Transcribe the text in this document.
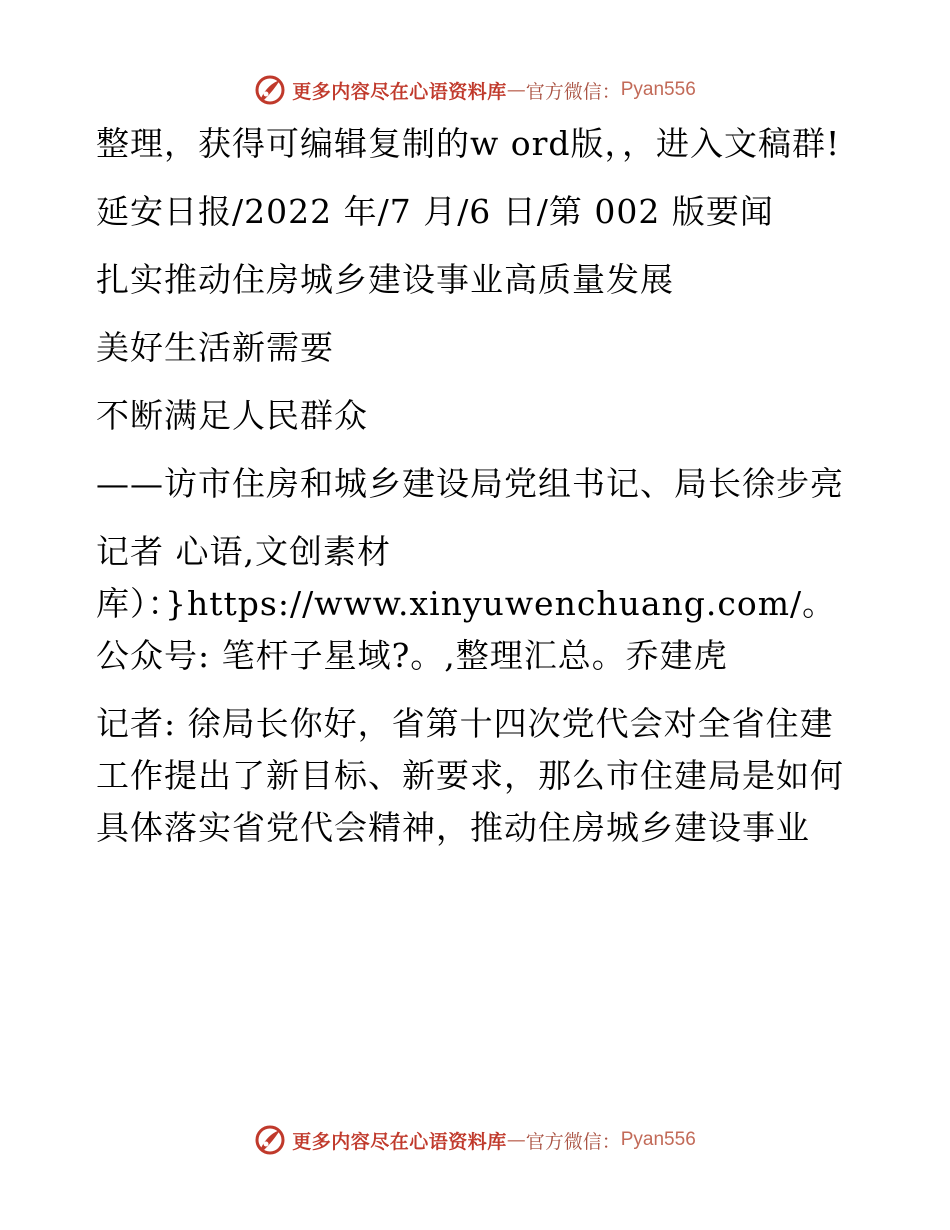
更多内容尽在心语资料库 — 官方微信： Pyan556

整理，获得可编辑复制的w ord版，，进入文稿群!

延安日报/2022 年/7 月/6 日/第 002 版要闻

扎实推动住房城乡建设事业高质量发展

美好生活新需要

不断满足人民群众

——访市住房和城乡建设局党组书记、局长徐步亮

记者 心语,文创素材

库）：}https://www.xinyuwenchuang.com/。公众号: 笔杆子星域?。,整理汇总。乔建虎

记者: 徐局长你好，省第十四次党代会对全省住建工作提出了新目标、新要求，那么市住建局是如何具体落实省党代会精神，推动住房城乡建设事业

更多内容尽在心语资料库 — 官方微信： Pyan556
